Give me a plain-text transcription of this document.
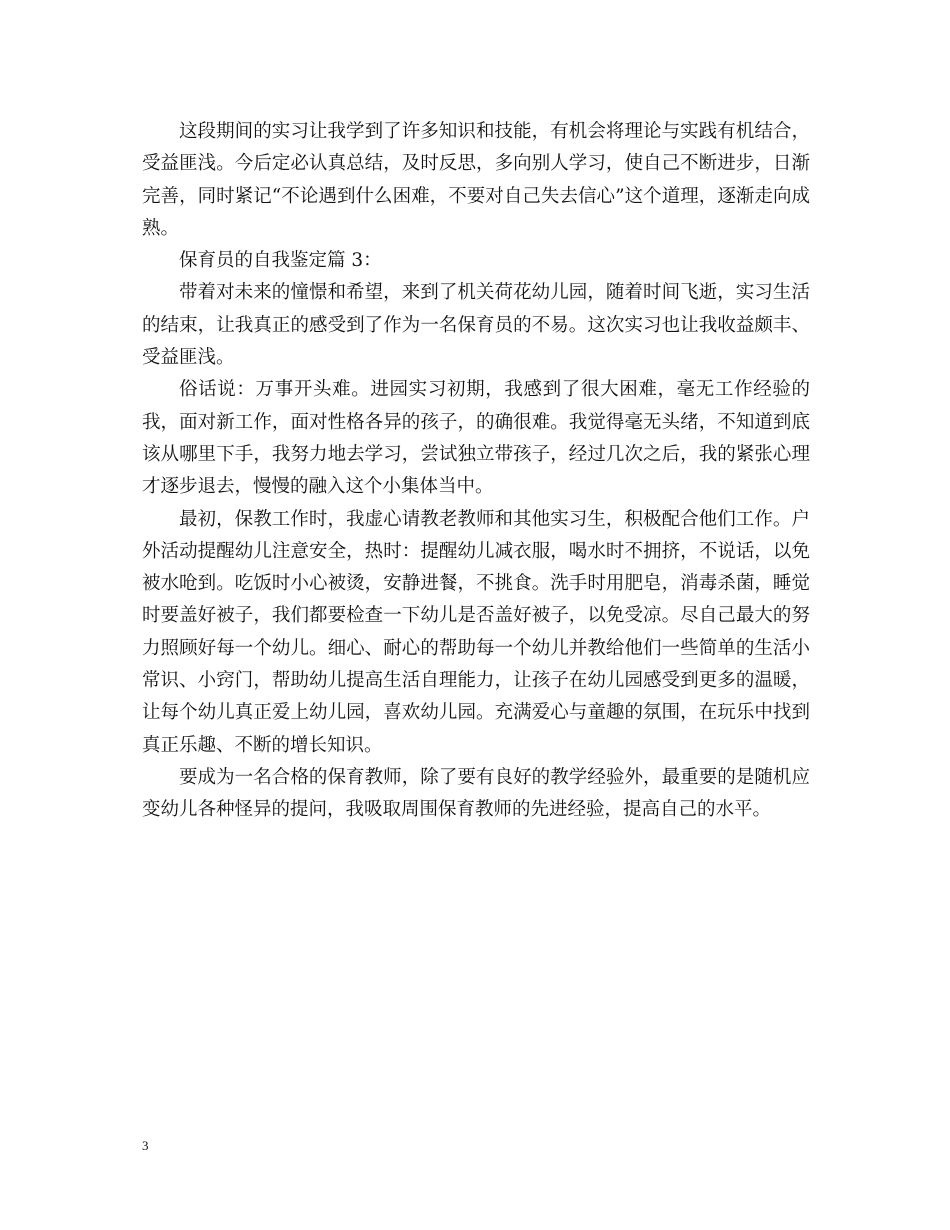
这段期间的实习让我学到了许多知识和技能，有机会将理论与实践有机结合，受益匪浅。今后定必认真总结，及时反思，多向别人学习，使自己不断进步，日渐完善，同时紧记“不论遇到什么困难，不要对自己失去信心”这个道理，逐渐走向成熟。

保育员的自我鉴定篇 3：

带着对未来的憧憬和希望，来到了机关荷花幼儿园，随着时间飞逝，实习生活的结束，让我真正的感受到了作为一名保育员的不易。这次实习也让我收益颇丰、受益匪浅。

俗话说：万事开头难。进园实习初期，我感到了很大困难，毫无工作经验的我，面对新工作，面对性格各异的孩子，的确很难。我觉得毫无头绪，不知道到底该从哪里下手，我努力地去学习，尝试独立带孩子，经过几次之后，我的紧张心理才逐步退去，慢慢的融入这个小集体当中。

最初，保教工作时，我虚心请教老教师和其他实习生，积极配合他们工作。户外活动提醒幼儿注意安全，热时：提醒幼儿减衣服，喝水时不拥挤，不说话，以免被水呛到。吃饭时小心被烫，安静进餐，不挑食。洗手时用肥皂，消毒杀菌，睡觉时要盖好被子，我们都要检查一下幼儿是否盖好被子，以免受凉。尽自己最大的努力照顾好每一个幼儿。细心、耐心的帮助每一个幼儿并教给他们一些简单的生活小常识、小窍门，帮助幼儿提高生活自理能力，让孩子在幼儿园感受到更多的温暖，让每个幼儿真正爱上幼儿园，喜欢幼儿园。充满爱心与童趣的氛围，在玩乐中找到真正乐趣、不断的增长知识。

要成为一名合格的保育教师，除了要有良好的教学经验外，最重要的是随机应变幼儿各种怪异的提问，我吸取周围保育教师的先进经验，提高自己的水平。

3
